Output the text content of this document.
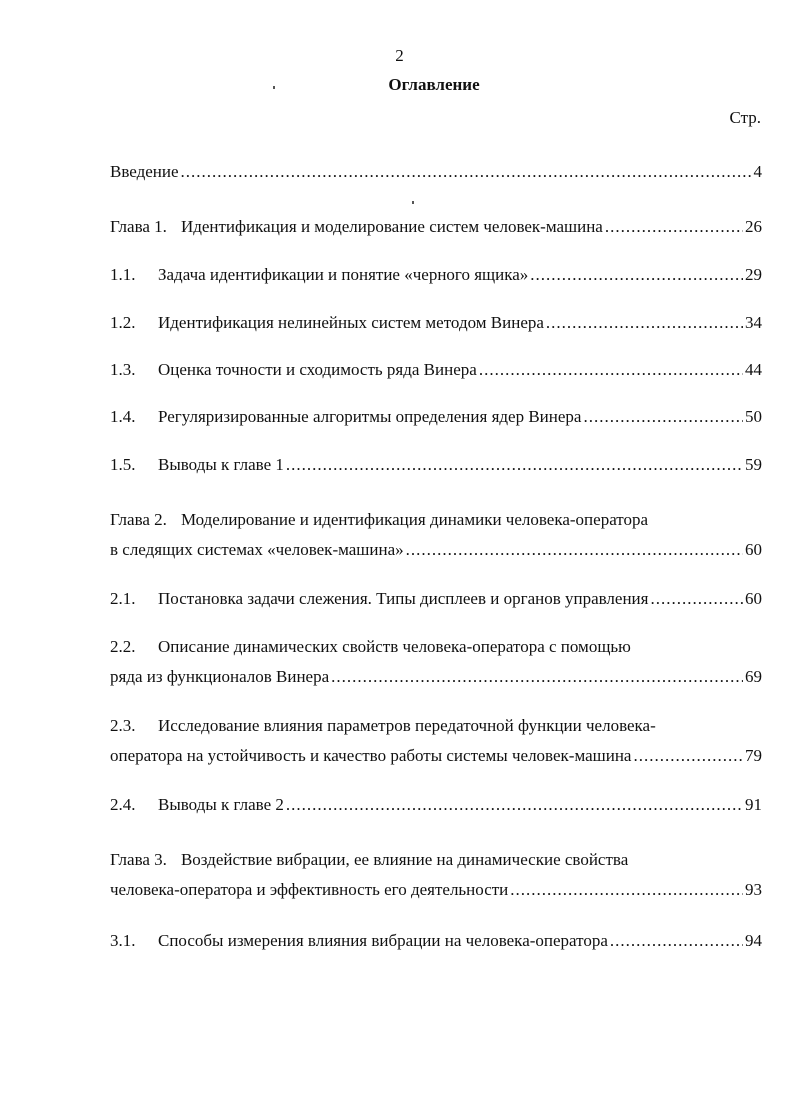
2
Оглавление
Стр.
Введение .....	4
Глава 1. Идентификация и моделирование систем человек-машина .....	26
1.1.	Задача идентификации и понятие «черного ящика» .....	29
1.2.	Идентификация нелинейных систем методом Винера .....	34
1.3.	Оценка точности и сходимость ряда Винера .....	44
1.4.	Регуляризированные алгоритмы определения ядер Винера .....	50
1.5.	Выводы к главе 1 .....	59
Глава 2. Моделирование и идентификация динамики человека-оператора
в следящих системах «человек-машина» .....	60
2.1.	Постановка задачи слежения. Типы дисплеев и органов управления .....	60
2.2.	Описание динамических свойств человека-оператора с помощью
ряда из функционалов Винера .....	69
2.3.	Исследование влияния параметров передаточной функции человека-
оператора на устойчивость и качество работы системы человек-машина .....	79
2.4.	Выводы к главе 2 .....	91
Глава 3. Воздействие вибрации, ее влияние на динамические свойства
человека-оператора и эффективность его деятельности .....	93
3.1.	Способы измерения влияния вибрации на человека-оператора .....	94
